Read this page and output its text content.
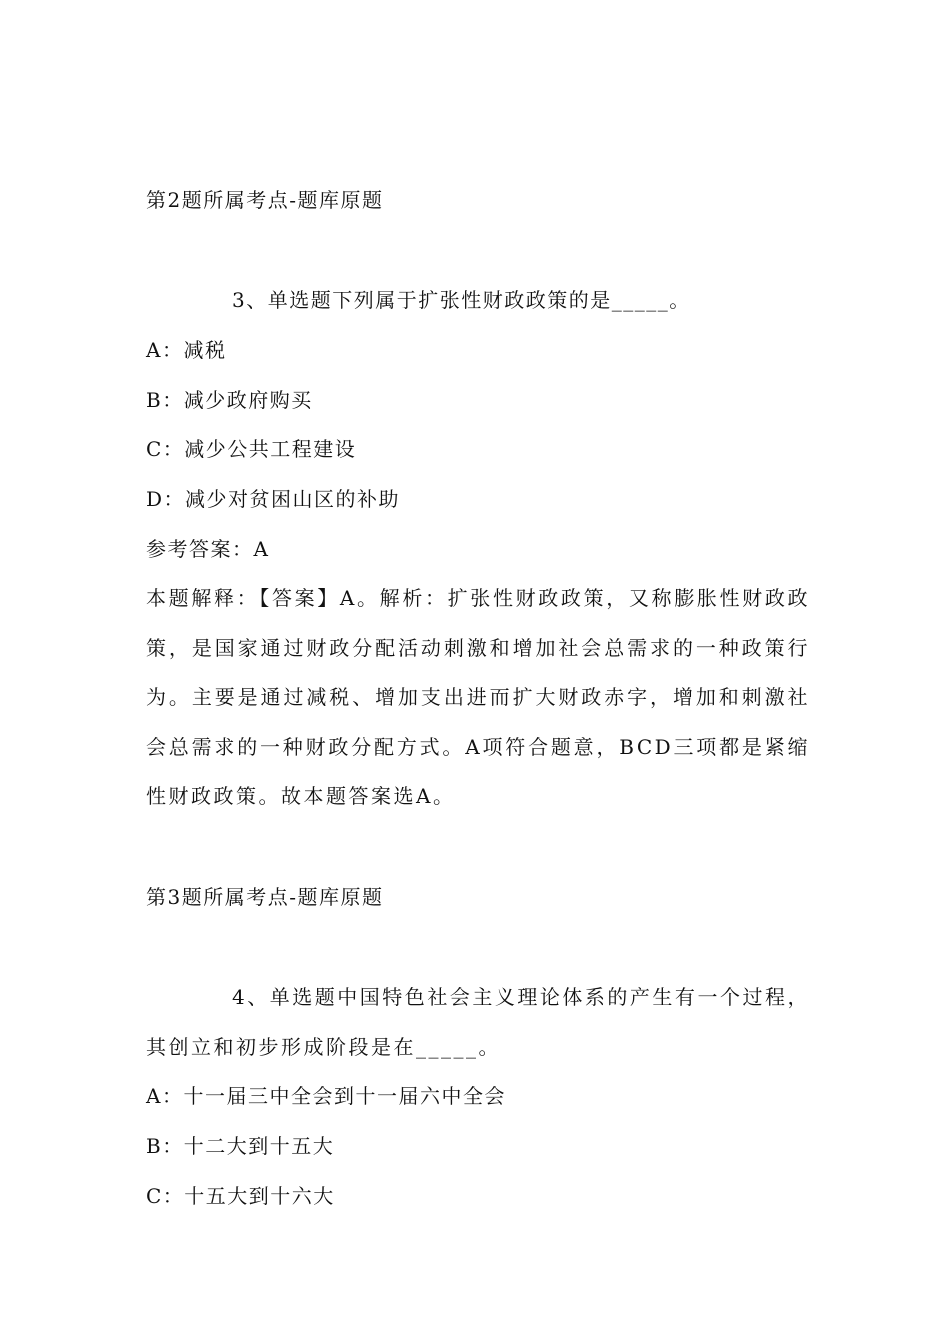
第2题所属考点-题库原题
3、单选题下列属于扩张性财政政策的是_____。
A：减税
B：减少政府购买
C：减少公共工程建设
D：减少对贫困山区的补助
参考答案：A
本题解释：【答案】A。解析：扩张性财政政策，又称膨胀性财政政策，是国家通过财政分配活动刺激和增加社会总需求的一种政策行为。主要是通过减税、增加支出进而扩大财政赤字，增加和刺激社会总需求的一种财政分配方式。A项符合题意，BCD三项都是紧缩性财政政策。故本题答案选A。
第3题所属考点-题库原题
4、单选题中国特色社会主义理论体系的产生有一个过程，其创立和初步形成阶段是在_____。
A：十一届三中全会到十一届六中全会
B：十二大到十五大
C：十五大到十六大
